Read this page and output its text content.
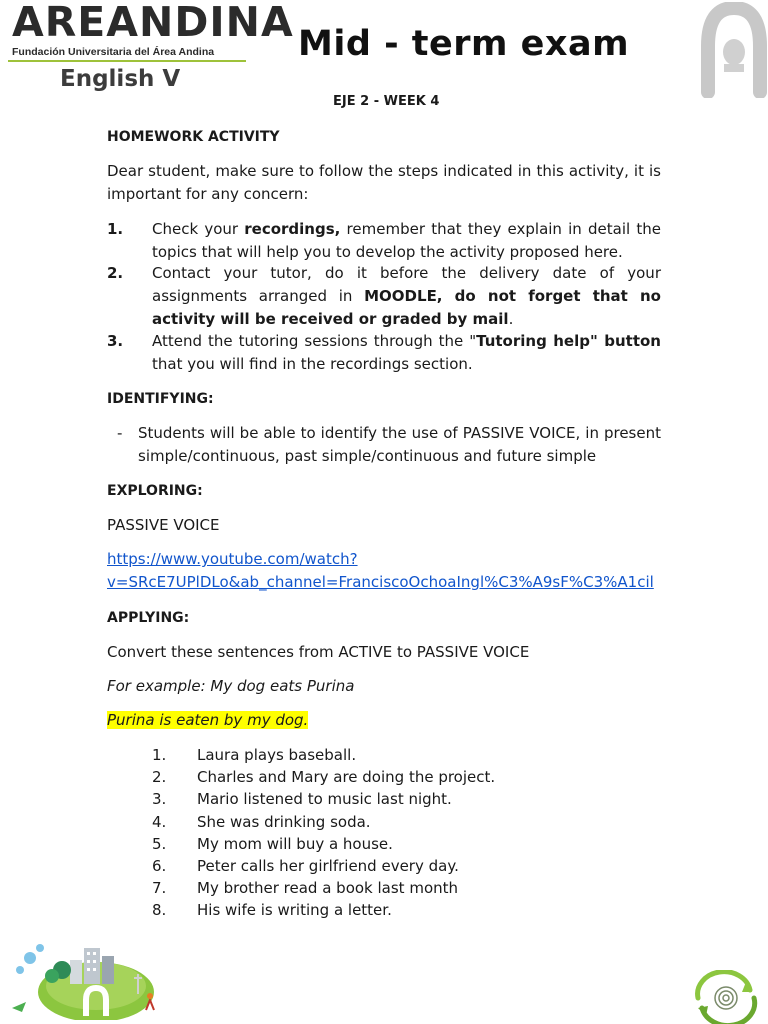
AREANDINA
Fundación Universitaria del Área Andina
English V
Mid - term exam
EJE 2 - WEEK 4
HOMEWORK ACTIVITY
Dear student, make sure to follow the steps indicated in this activity, it is important for any concern:
1. Check your recordings, remember that they explain in detail the topics that will help you to develop the activity proposed here.
2. Contact your tutor, do it before the delivery date of your assignments arranged in MOODLE, do not forget that no activity will be received or graded by mail.
3. Attend the tutoring sessions through the "Tutoring help" button that you will find in the recordings section.
IDENTIFYING:
- Students will be able to identify the use of PASSIVE VOICE, in present simple/continuous, past simple/continuous and future simple
EXPLORING:
PASSIVE VOICE
https://www.youtube.com/watch?
v=SRcE7UPlDLo&ab_channel=FranciscoOchoaIngl%C3%A9sF%C3%A1cil
APPLYING:
Convert these sentences from ACTIVE to PASSIVE VOICE
For example: My dog eats Purina
Purina is eaten by my dog.
1. Laura plays baseball.
2. Charles and Mary are doing the project.
3. Mario listened to music last night.
4. She was drinking soda.
5. My mom will buy a house.
6. Peter calls her girlfriend every day.
7. My brother read a book last month
8. His wife is writing a letter.
